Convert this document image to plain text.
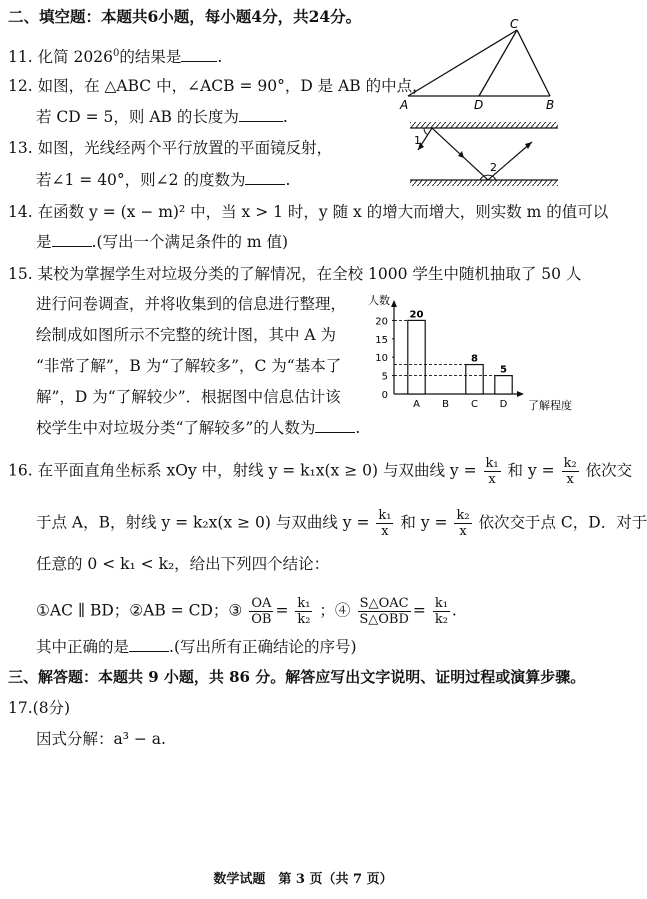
二、填空题：本题共6小题，每小题4分，共24分。
11. 化简 2026$^0$的结果是 .
12. 如图，在 △ABC 中，∠ACB = 90°，D 是 AB 的中点，
若 CD = 5，则 AB 的长度为	.
C
A	D	B
13. 如图，光线经两个平行放置的平面镜反射，
若∠1 = 40°，则∠2 的度数为	.
1
2
14. 在函数 y = (x − m)² 中，当 x > 1 时，y 随 x 的增大而增大，则实数 m 的值可以
是	.(写出一个满足条件的 m 值)
15. 某校为掌握学生对垃圾分类的了解情况，在全校 1000 学生中随机抽取了 50 人
进行问卷调查，并将收集到的信息进行整理，
绘制成如图所示不完整的统计图，其中 A 为
“非常了解”，B 为“了解较多”，C 为“基本了
解”，D 为“了解较少”．根据图中信息估计该
校学生中对垃圾分类“了解较多”的人数为	.
人数
了解程度
0
5
10
15
20
A
20
B C
8
D
5
16. 在平面直角坐标系 xOy 中，射线 y = k₁x(x ≥ 0) 与双曲线 $y = \frac{\text{k₁}}{x}$ 和 $y = \frac{\text{k₂}}{x}$ 依次交
于点 A，B，射线 y = k₂x(x ≥ 0) 与双曲线 $y = \frac{\text{k₁}}{x}$ 和 $y = \frac{\text{k₂}}{x}$ 依次交于点 C，D．对于
任意的 0 < k₁ < k₂，给出下列四个结论：
①AC ∥ BD；②AB = CD；③ $\frac{OA}{OB} = \frac{\text{k₁}}{\text{k₂}}$ ；④ $\frac{\text{S△OAC}}{\text{S△OBD}} = \frac{\text{k₁}}{\text{k₂}}$ .
其中正确的是	.(写出所有正确结论的序号)
三、解答题：本题共 9 小题，共 86 分。解答应写出文字说明、证明过程或演算步骤。
17.(8分)
因式分解：a³ − a.
数学试题　第 3 页（共 7 页）
